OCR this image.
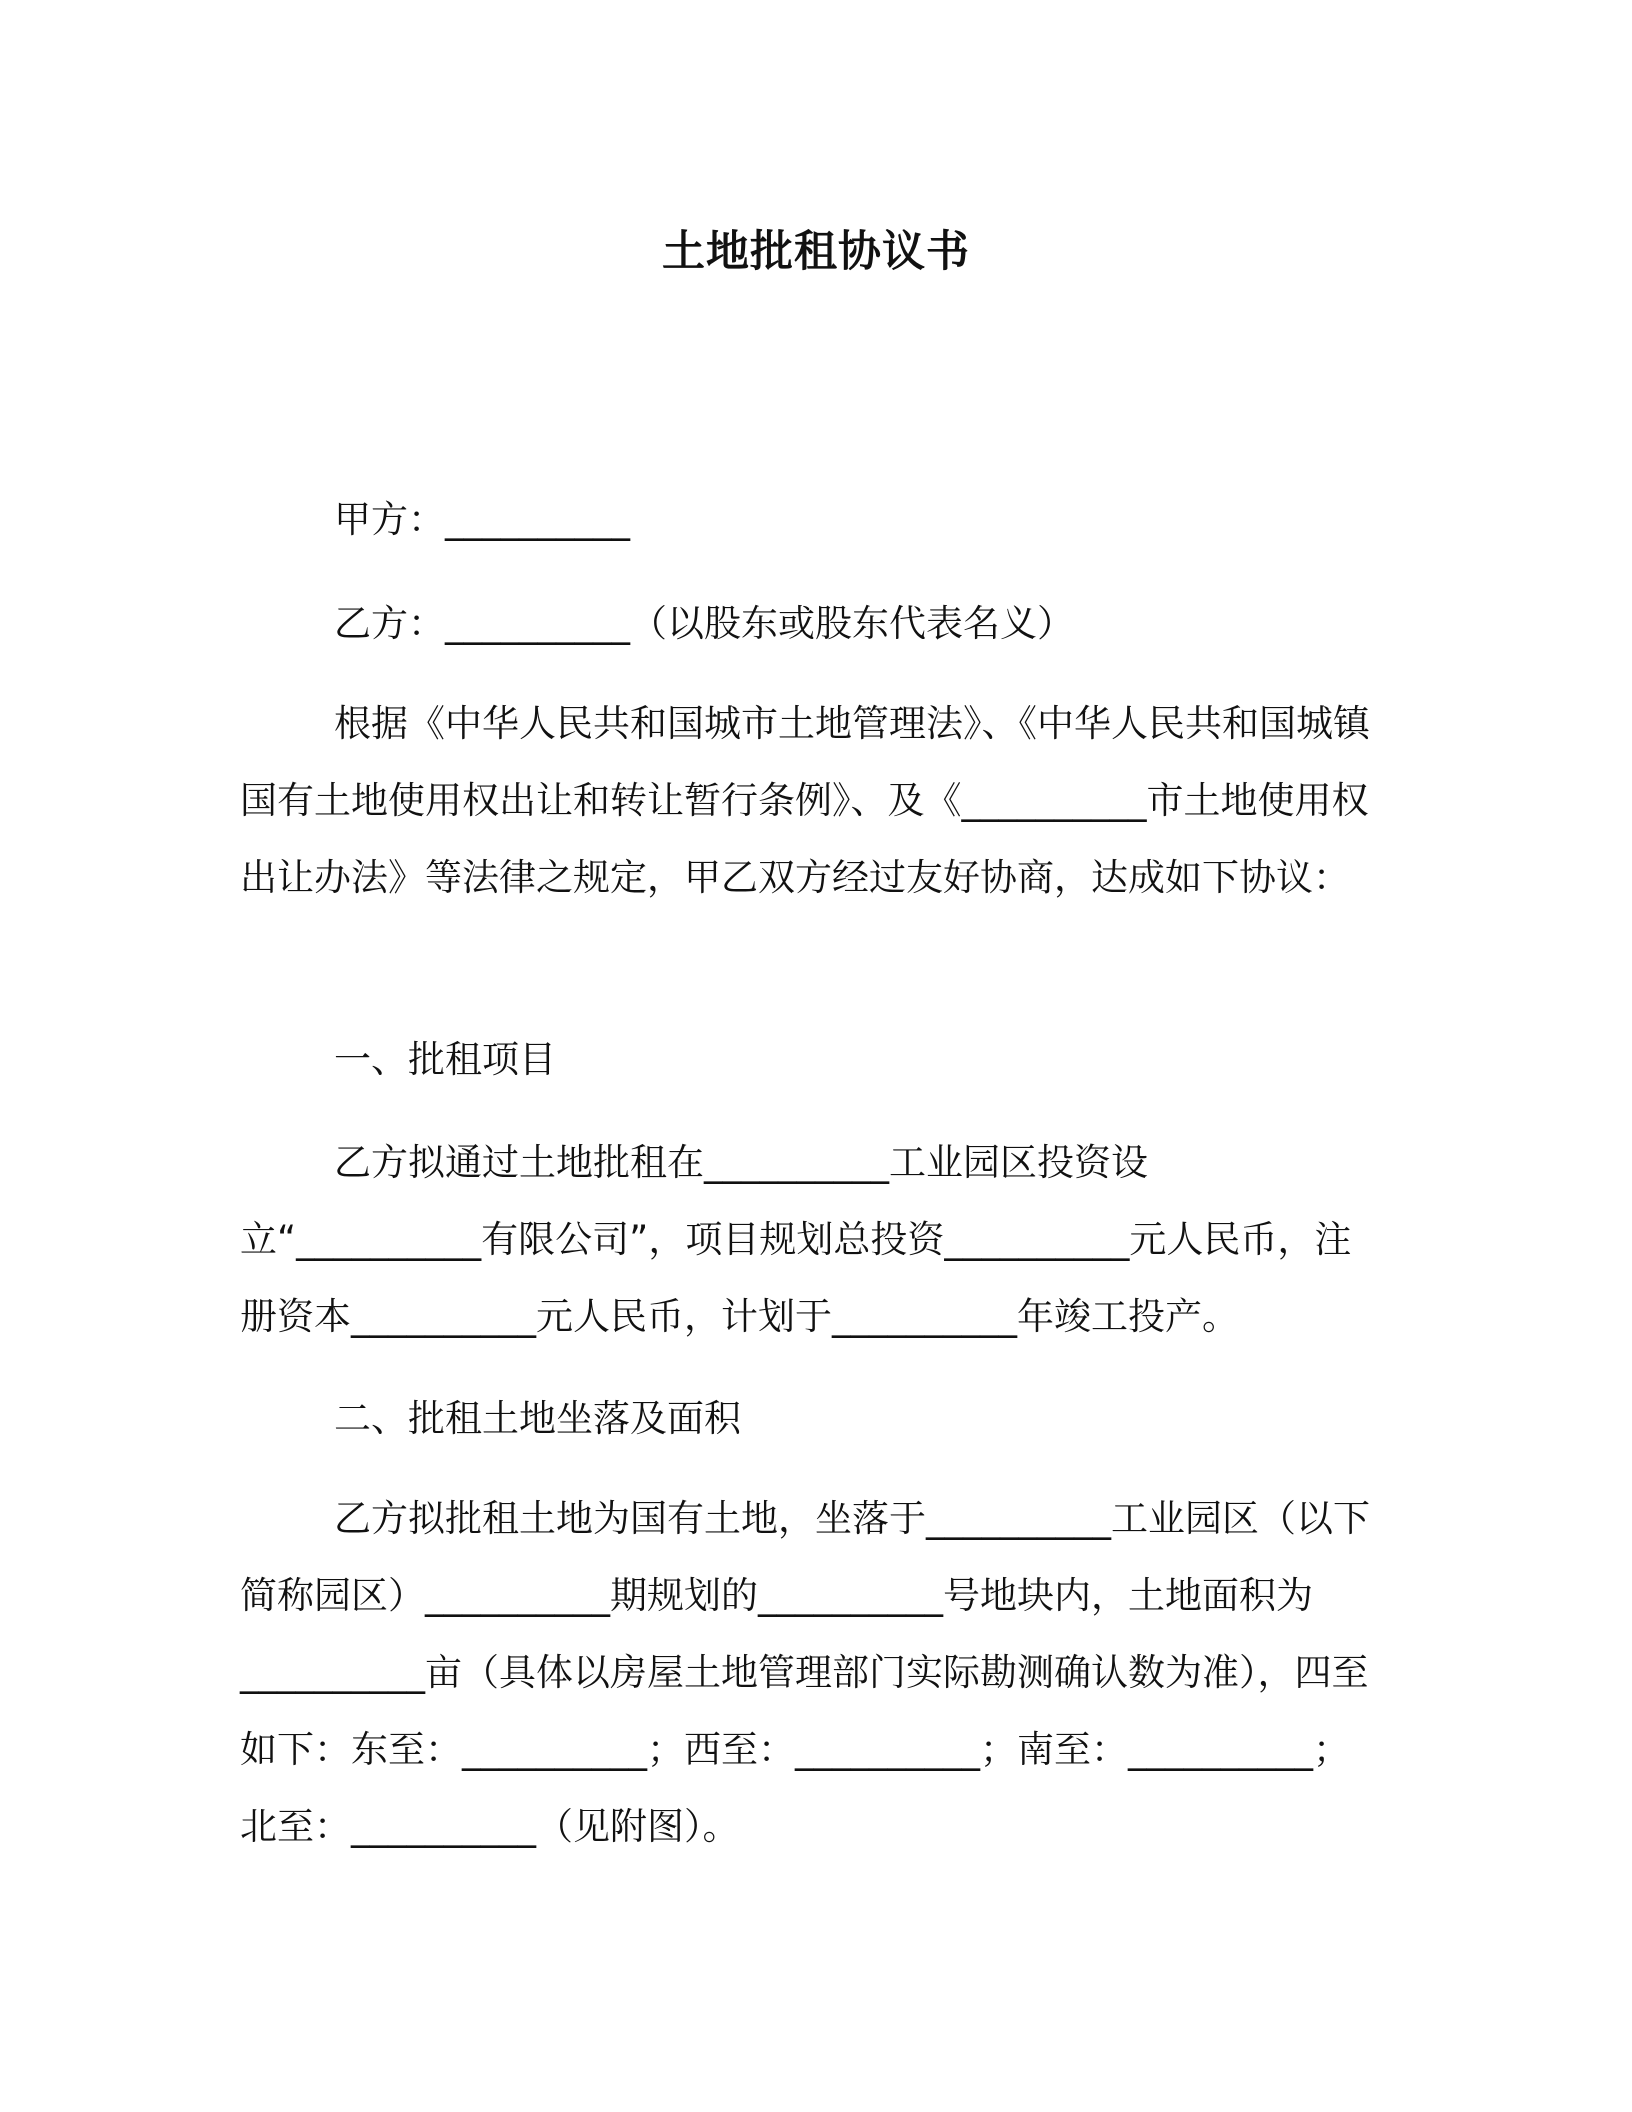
土地批租协议书
甲方：__________
乙方：__________（以股东或股东代表名义）

根据《中华人民共和国城市土地管理法》、《中华人民共和国城镇国有土地使用权出让和转让暂行条例》、及《__________市土地使用权出让办法》等法律之规定，甲乙双方经过友好协商，达成如下协议：

一、批租项目

乙方拟通过土地批租在__________工业园区投资设立“__________有限公司”，项目规划总投资__________元人民币，注册资本__________元人民币，计划于__________年竣工投产。

二、批租土地坐落及面积

乙方拟批租土地为国有土地，坐落于__________工业园区（以下简称园区）__________期规划的__________号地块内，土地面积为__________亩（具体以房屋土地管理部门实际勘测确认数为准），四至如下：东至：__________；西至：__________；南至：__________；北至：__________（见附图）。
